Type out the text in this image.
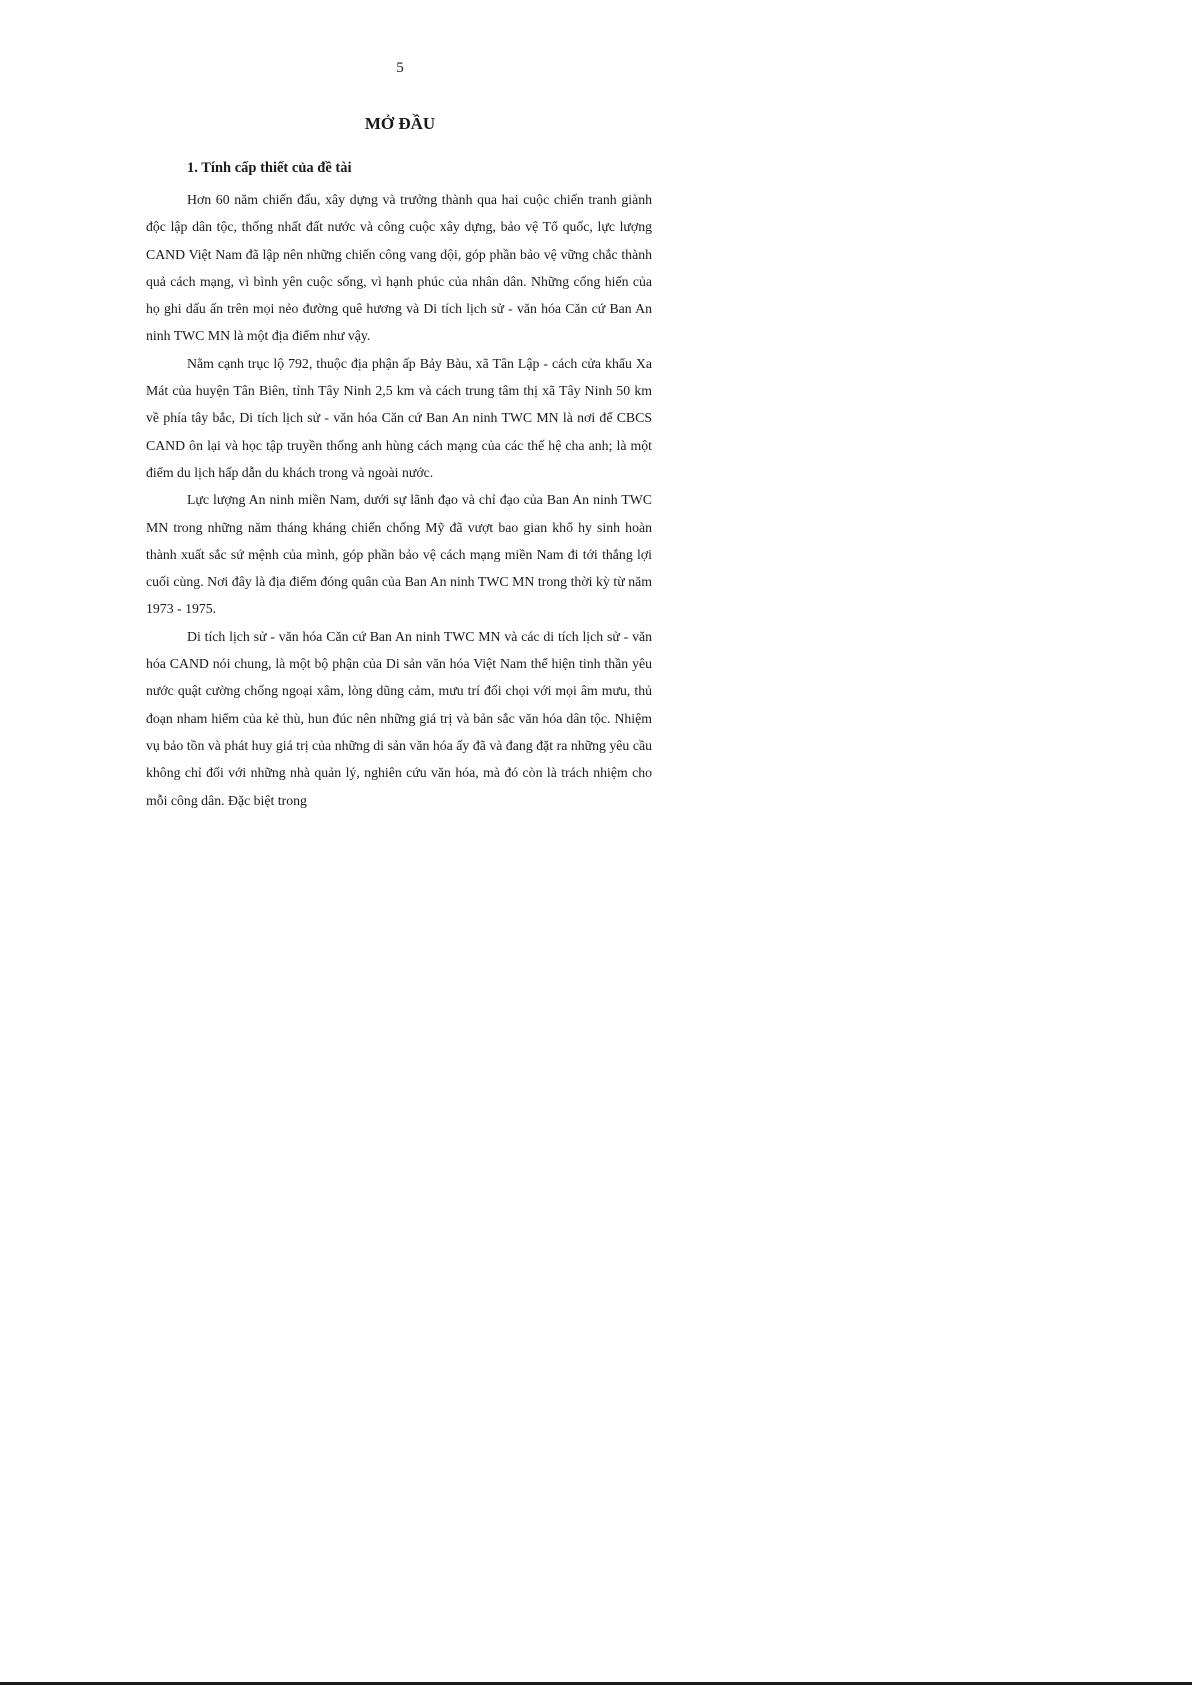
5
MỞ ĐẦU
1. Tính cấp thiết của đề tài

Hơn 60 năm chiến đấu, xây dựng và trưởng thành qua hai cuộc chiến tranh giành độc lập dân tộc, thống nhất đất nước và công cuộc xây dựng, bảo vệ Tổ quốc, lực lượng CAND Việt Nam đã lập nên những chiến công vang dội, góp phần bảo vệ vững chắc thành quả cách mạng, vì bình yên cuộc sống, vì hạnh phúc của nhân dân. Những cống hiến của họ ghi dấu ấn trên mọi nẻo đường quê hương và Di tích lịch sử - văn hóa Căn cứ Ban An ninh TWC MN là một địa điểm như vậy.

Nằm cạnh trục lộ 792, thuộc địa phận ấp Bảy Bàu, xã Tân Lập - cách cửa khẩu Xa Mát của huyện Tân Biên, tỉnh Tây Ninh 2,5 km và cách trung tâm thị xã Tây Ninh 50 km về phía tây bắc, Di tích lịch sử - văn hóa Căn cứ Ban An ninh TWC MN là nơi để CBCS CAND ôn lại và học tập truyền thống anh hùng cách mạng của các thế hệ cha anh; là một điểm du lịch hấp dẫn du khách trong và ngoài nước.

Lực lượng An ninh miền Nam, dưới sự lãnh đạo và chỉ đạo của Ban An ninh TWC MN trong những năm tháng kháng chiến chống Mỹ đã vượt bao gian khổ hy sinh hoàn thành xuất sắc sứ mệnh của mình, góp phần bảo vệ cách mạng miền Nam đi tới thắng lợi cuối cùng. Nơi đây là địa điểm đóng quân của Ban An ninh TWC MN trong thời kỳ từ năm 1973 - 1975.

Di tích lịch sử - văn hóa Căn cứ Ban An ninh TWC MN và các di tích lịch sử - văn hóa CAND nói chung, là một bộ phận của Di sản văn hóa Việt Nam thể hiện tinh thần yêu nước quật cường chống ngoại xâm, lòng dũng cảm, mưu trí đối chọi với mọi âm mưu, thủ đoạn nham hiểm của kẻ thù, hun đúc nên những giá trị và bản sắc văn hóa dân tộc. Nhiệm vụ bảo tồn và phát huy giá trị của những di sản văn hóa ấy đã và đang đặt ra những yêu cầu không chỉ đối với những nhà quản lý, nghiên cứu văn hóa, mà đó còn là trách nhiệm cho mỗi công dân. Đặc biệt trong
